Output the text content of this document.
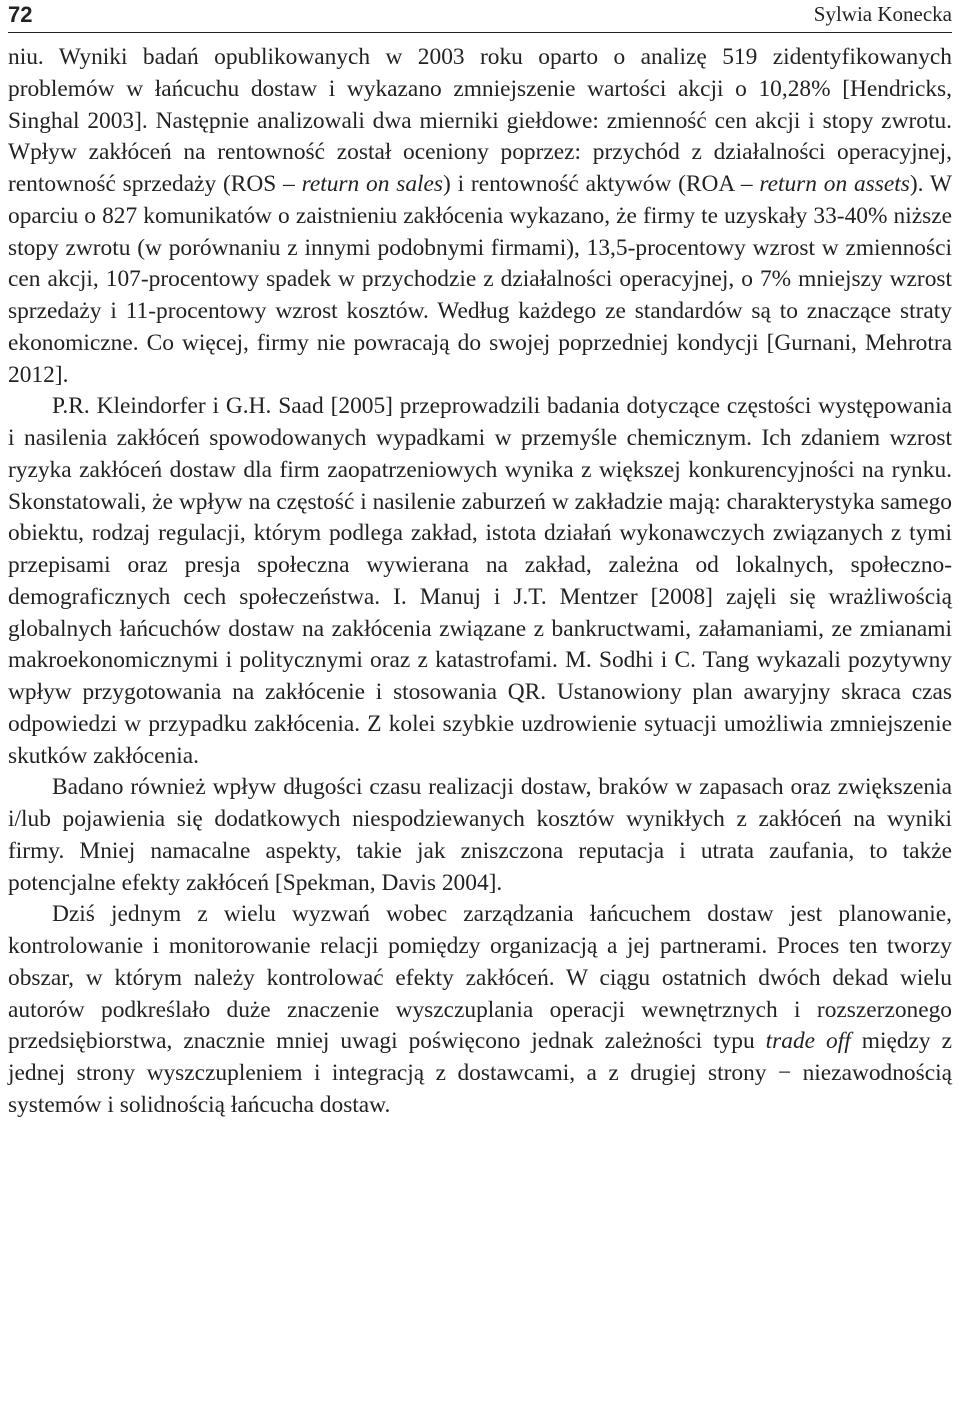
72	Sylwia Konecka

niu. Wyniki badań opublikowanych w 2003 roku oparto o analizę 519 zidentyfikowanych problemów w łańcuchu dostaw i wykazano zmniejszenie wartości akcji o 10,28% [Hendricks, Singhal 2003]. Następnie analizowali dwa mierniki giełdowe: zmienność cen akcji i stopy zwrotu. Wpływ zakłóceń na rentowność został oceniony poprzez: przychód z działalności operacyjnej, rentowność sprzedaży (ROS – return on sales) i rentowność aktywów (ROA – return on assets). W oparciu o 827 komunikatów o zaistnieniu zakłócenia wykazano, że firmy te uzyskały 33-40% niższe stopy zwrotu (w porównaniu z innymi podobnymi firmami), 13,5-procentowy wzrost w zmienności cen akcji, 107-procentowy spadek w przychodzie z działalności operacyjnej, o 7% mniejszy wzrost sprzedaży i 11-procentowy wzrost kosztów. Według każdego ze standardów są to znaczące straty ekonomiczne. Co więcej, firmy nie powracają do swojej poprzedniej kondycji [Gurnani, Mehrotra 2012].

P.R. Kleindorfer i G.H. Saad [2005] przeprowadzili badania dotyczące częstości występowania i nasilenia zakłóceń spowodowanych wypadkami w przemyśle chemicznym. Ich zdaniem wzrost ryzyka zakłóceń dostaw dla firm zaopatrzeniowych wynika z większej konkurencyjności na rynku. Skonstatowali, że wpływ na częstość i nasilenie zaburzeń w zakładzie mają: charakterystyka samego obiektu, rodzaj regulacji, którym podlega zakład, istota działań wykonawczych związanych z tymi przepisami oraz presja społeczna wywierana na zakład, zależna od lokalnych, społeczno-demograficznych cech społeczeństwa. I. Manuj i J.T. Mentzer [2008] zajęli się wrażliwością globalnych łańcuchów dostaw na zakłócenia związane z bankructwami, załamaniami, ze zmianami makroekonomicznymi i politycznymi oraz z katastrofami. M. Sodhi i C. Tang wykazali pozytywny wpływ przygotowania na zakłócenie i stosowania QR. Ustanowiony plan awaryjny skraca czas odpowiedzi w przypadku zakłócenia. Z kolei szybkie uzdrowienie sytuacji umożliwia zmniejszenie skutków zakłócenia.

Badano również wpływ długości czasu realizacji dostaw, braków w zapasach oraz zwiększenia i/lub pojawienia się dodatkowych niespodziewanych kosztów wynikłych z zakłóceń na wyniki firmy. Mniej namacalne aspekty, takie jak zniszczona reputacja i utrata zaufania, to także potencjalne efekty zakłóceń [Spekman, Davis 2004].

Dziś jednym z wielu wyzwań wobec zarządzania łańcuchem dostaw jest planowanie, kontrolowanie i monitorowanie relacji pomiędzy organizacją a jej partnerami. Proces ten tworzy obszar, w którym należy kontrolować efekty zakłóceń. W ciągu ostatnich dwóch dekad wielu autorów podkreślało duże znaczenie wyszczuplania operacji wewnętrznych i rozszerzonego przedsiębiorstwa, znacznie mniej uwagi poświęcono jednak zależności typu trade off między z jednej strony wyszczupleniem i integracją z dostawcami, a z drugiej strony − niezawodnością systemów i solidnością łańcucha dostaw.
